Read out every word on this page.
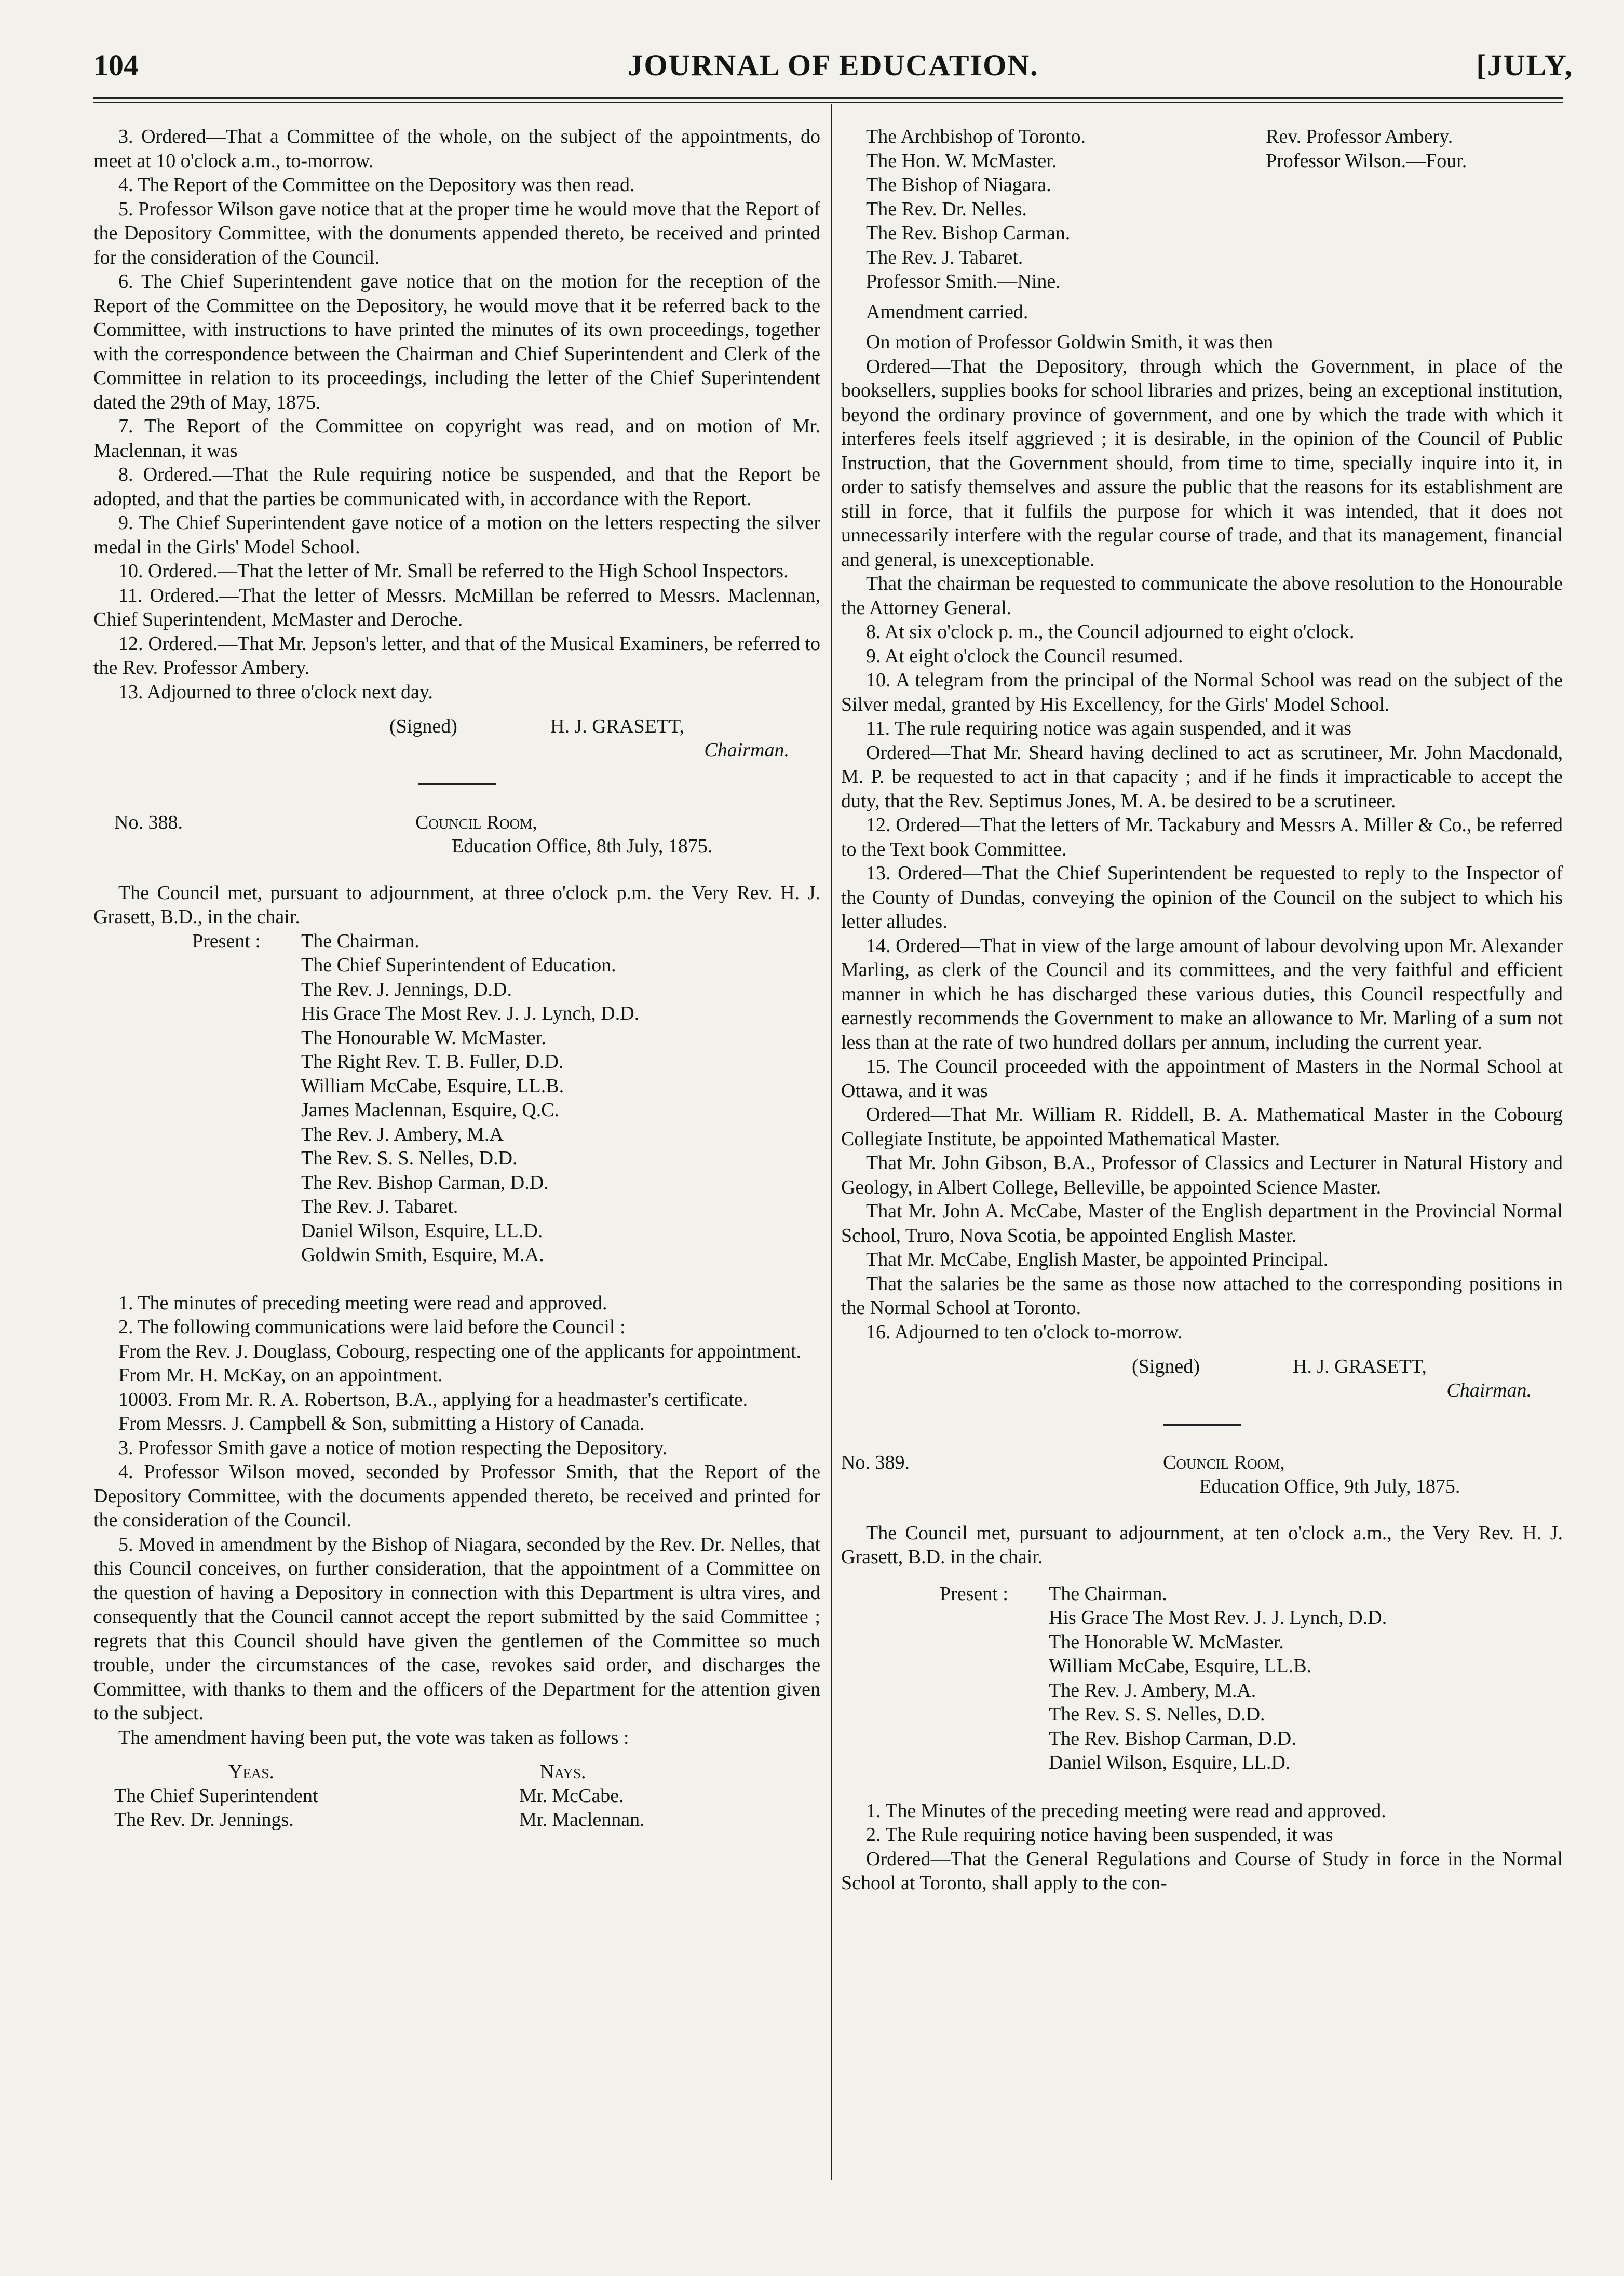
104	JOURNAL OF EDUCATION.	[JULY,

3. Ordered—That a Committee of the whole, on the subject of the appointments, do meet at 10 o'clock a.m., to-morrow.

4. The Report of the Committee on the Depository was then read.

5. Professor Wilson gave notice that at the proper time he would move that the Report of the Depository Committee, with the donuments appended thereto, be received and printed for the consideration of the Council.

6. The Chief Superintendent gave notice that on the motion for the reception of the Report of the Committee on the Depository, he would move that it be referred back to the Committee, with instructions to have printed the minutes of its own proceedings, together with the correspondence between the Chairman and Chief Superintendent and Clerk of the Committee in relation to its proceedings, including the letter of the Chief Superintendent dated the 29th of May, 1875.

7. The Report of the Committee on copyright was read, and on motion of Mr. Maclennan, it was

8. Ordered.—That the Rule requiring notice be suspended, and that the Report be adopted, and that the parties be communicated with, in accordance with the Report.

9. The Chief Superintendent gave notice of a motion on the letters respecting the silver medal in the Girls' Model School.

10. Ordered.—That the letter of Mr. Small be referred to the High School Inspectors.

11. Ordered.—That the letter of Messrs. McMillan be referred to Messrs. Maclennan, Chief Superintendent, McMaster and Deroche.

12. Ordered.—That Mr. Jepson's letter, and that of the Musical Examiners, be referred to the Rev. Professor Ambery.

13. Adjourned to three o'clock next day.

(Signed)	H. J. GRASETT,

Chairman.

No. 388.	Council Room,
Education Office, 8th July, 1875.

The Council met, pursuant to adjournment, at three o'clock p.m. the Very Rev. H. J. Grasett, B.D., in the chair.

Present : The Chairman.
The Chief Superintendent of Education.
The Rev. J. Jennings, D.D.
His Grace The Most Rev. J. J. Lynch, D.D.
The Honourable W. McMaster.
The Right Rev. T. B. Fuller, D.D.
William McCabe, Esquire, LL.B.
James Maclennan, Esquire, Q.C.
The Rev. J. Ambery, M.A
The Rev. S. S. Nelles, D.D.
The Rev. Bishop Carman, D.D.
The Rev. J. Tabaret.
Daniel Wilson, Esquire, LL.D.
Goldwin Smith, Esquire, M.A.

1. The minutes of preceding meeting were read and approved.

2. The following communications were laid before the Council :

From the Rev. J. Douglass, Cobourg, respecting one of the applicants for appointment.

From Mr. H. McKay, on an appointment.

10003. From Mr. R. A. Robertson, B.A., applying for a headmaster's certificate.

From Messrs. J. Campbell & Son, submitting a History of Canada.

3. Professor Smith gave a notice of motion respecting the Depository.

4. Professor Wilson moved, seconded by Professor Smith, that the Report of the Depository Committee, with the documents appended thereto, be received and printed for the consideration of the Council.

5. Moved in amendment by the Bishop of Niagara, seconded by the Rev. Dr. Nelles, that this Council conceives, on further consideration, that the appointment of a Committee on the question of having a Depository in connection with this Department is ultra vires, and consequently that the Council cannot accept the report submitted by the said Committee ; regrets that this Council should have given the gentlemen of the Committee so much trouble, under the circumstances of the case, revokes said order, and discharges the Committee, with thanks to them and the officers of the Department for the attention given to the subject.

The amendment having been put, the vote was taken as follows :

Yeas.	Nays.
The Chief Superintendent	Mr. McCabe.
The Rev. Dr. Jennings.	Mr. Maclennan.
The Archbishop of Toronto.	Rev. Professor Ambery.
The Hon. W. McMaster.	Professor Wilson.—Four.
The Bishop of Niagara.
The Rev. Dr. Nelles.
The Rev. Bishop Carman.
The Rev. J. Tabaret.
Professor Smith.—Nine.

Amendment carried.

On motion of Professor Goldwin Smith, it was then

Ordered—That the Depository, through which the Government, in place of the booksellers, supplies books for school libraries and prizes, being an exceptional institution, beyond the ordinary province of government, and one by which the trade with which it interferes feels itself aggrieved ; it is desirable, in the opinion of the Council of Public Instruction, that the Government should, from time to time, specially inquire into it, in order to satisfy themselves and assure the public that the reasons for its establishment are still in force, that it fulfils the purpose for which it was intended, that it does not unnecessarily interfere with the regular course of trade, and that its management, financial and general, is unexceptionable.

That the chairman be requested to communicate the above resolution to the Honourable the Attorney General.

8. At six o'clock p. m., the Council adjourned to eight o'clock.

9. At eight o'clock the Council resumed.

10. A telegram from the principal of the Normal School was read on the subject of the Silver medal, granted by His Excellency, for the Girls' Model School.

11. The rule requiring notice was again suspended, and it was

Ordered—That Mr. Sheard having declined to act as scrutineer, Mr. John Macdonald, M. P. be requested to act in that capacity ; and if he finds it impracticable to accept the duty, that the Rev. Septimus Jones, M. A. be desired to be a scrutineer.

12. Ordered—That the letters of Mr. Tackabury and Messrs A. Miller & Co., be referred to the Text book Committee.

13. Ordered—That the Chief Superintendent be requested to reply to the Inspector of the County of Dundas, conveying the opinion of the Council on the subject to which his letter alludes.

14. Ordered—That in view of the large amount of labour devolving upon Mr. Alexander Marling, as clerk of the Council and its committees, and the very faithful and efficient manner in which he has discharged these various duties, this Council respectfully and earnestly recommends the Government to make an allowance to Mr. Marling of a sum not less than at the rate of two hundred dollars per annum, including the current year.

15. The Council proceeded with the appointment of Masters in the Normal School at Ottawa, and it was

Ordered—That Mr. William R. Riddell, B. A. Mathematical Master in the Cobourg Collegiate Institute, be appointed Mathematical Master.

That Mr. John Gibson, B.A., Professor of Classics and Lecturer in Natural History and Geology, in Albert College, Belleville, be appointed Science Master.

That Mr. John A. McCabe, Master of the English department in the Provincial Normal School, Truro, Nova Scotia, be appointed English Master.

That Mr. McCabe, English Master, be appointed Principal.

That the salaries be the same as those now attached to the corresponding positions in the Normal School at Toronto.

16. Adjourned to ten o'clock to-morrow.

(Signed)	H. J. GRASETT,

Chairman.

No. 389.	Council Room,
Education Office, 9th July, 1875.

The Council met, pursuant to adjournment, at ten o'clock a.m., the Very Rev. H. J. Grasett, B.D. in the chair.

Present : The Chairman.
His Grace The Most Rev. J. J. Lynch, D.D.
The Honorable W. McMaster.
William McCabe, Esquire, LL.B.
The Rev. J. Ambery, M.A.
The Rev. S. S. Nelles, D.D.
The Rev. Bishop Carman, D.D.
Daniel Wilson, Esquire, LL.D.

1. The Minutes of the preceding meeting were read and approved.

2. The Rule requiring notice having been suspended, it was

Ordered—That the General Regulations and Course of Study in force in the Normal School at Toronto, shall apply to the con-
